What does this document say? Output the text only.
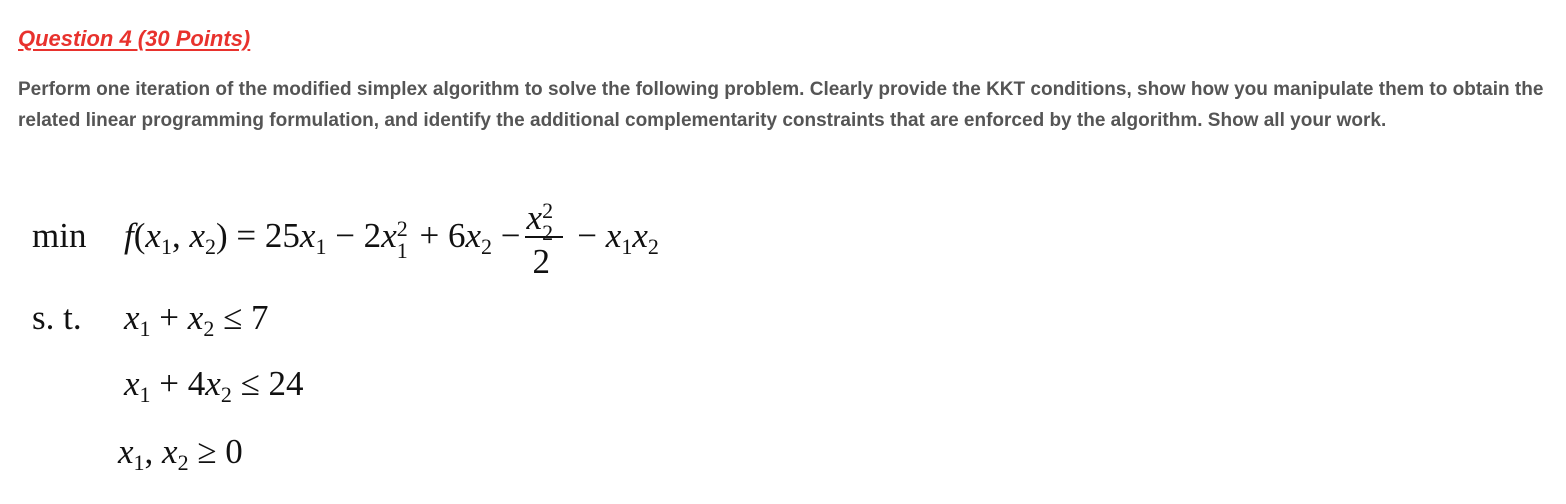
Question 4 (30 Points)

Perform one iteration of the modified simplex algorithm to solve the following problem. Clearly provide the KKT conditions, show how you manipulate them to obtain the related linear programming formulation, and identify the additional complementarity constraints that are enforced by the algorithm. Show all your work.

$\min f(x_1$, $x_2) = 25x_1 - 2x$ 2
$1 + 6x_2 - x$ 2
2
$2 - x_1x_2$
s. t. $x_1 + x_2 \le 7$
$x_1 + 4x_2 \le 24$
$x_1$, $x_2 \ge 0$
